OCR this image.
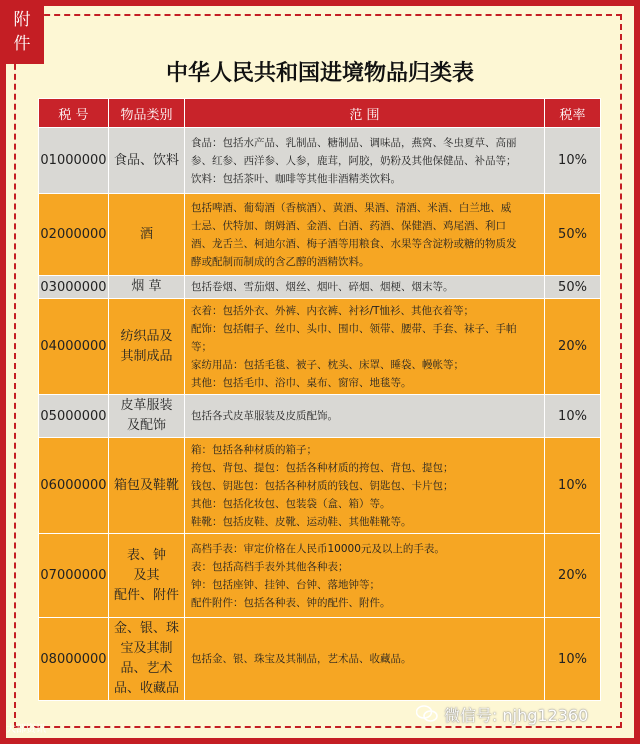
附
件
中华人民共和国进境物品归类表
税 号	物品类别	范 围	税率
01000000	食品、饮料	食品：包括水产品、乳制品、糖制品、调味品，燕窝、冬虫夏草、高丽
参、红参、西洋参、人参，鹿茸，阿胶，奶粉及其他保健品、补品等；
饮料：包括茶叶、咖啡等其他非酒精类饮料。	10%
02000000	酒	包括啤酒、葡萄酒（香槟酒）、黄酒、果酒、清酒、米酒、白兰地、威
士忌、伏特加、朗姆酒、金酒、白酒、药酒、保健酒、鸡尾酒、利口
酒、龙舌兰、柯迪尔酒、梅子酒等用粮食、水果等含淀粉或糖的物质发
酵或配制而制成的含乙醇的酒精饮料。	50%
03000000	烟 草	包括卷烟、雪茄烟、烟丝、烟叶、碎烟、烟梗、烟末等。	50%
04000000	纺织品及
其制成品	衣着：包括外衣、外裤、内衣裤、衬衫/T恤衫、其他衣着等；
配饰：包括帽子、丝巾、头巾、围巾、领带、腰带、手套、袜子、手帕
等；
家纺用品：包括毛毯、被子、枕头、床罩、睡袋、幔帐等；
其他：包括毛巾、浴巾、桌布、窗帘、地毯等。	20%
05000000	皮革服装
及配饰	包括各式皮革服装及皮质配饰。	10%
06000000	箱包及鞋靴	箱：包括各种材质的箱子；
挎包、背包、提包：包括各种材质的挎包、背包、提包；
钱包、钥匙包：包括各种材质的钱包、钥匙包、卡片包；
其他：包括化妆包、包装袋（盒、箱）等。
鞋靴：包括皮鞋、皮靴、运动鞋、其他鞋靴等。	10%
07000000	表、钟
及其
配件、附件	高档手表：审定价格在人民币10000元及以上的手表。
表：包括高档手表外其他各种表；
钟：包括座钟、挂钟、台钟、落地钟等；
配件附件：包括各种表、钟的配件、附件。	20%
08000000	金、银、珠
宝及其制
品、艺术
品、收藏品	包括金、银、珠宝及其制品，艺术品、收藏品。	10%
大部资讯
微信号: njhg12360
